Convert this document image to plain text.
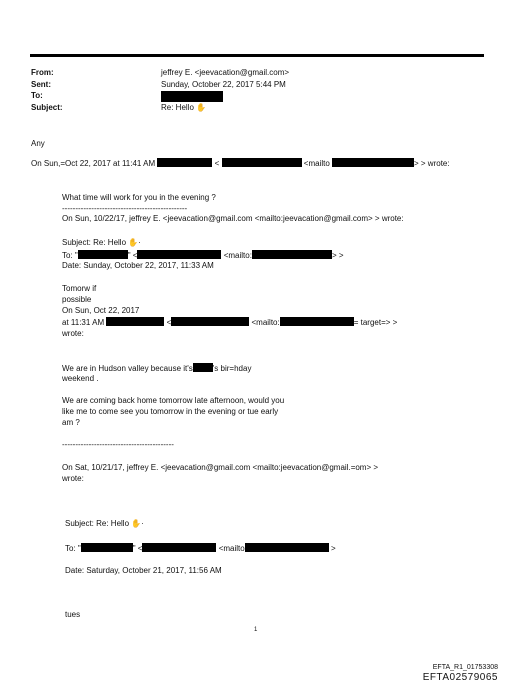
From:	jeffrey E. <jeevacation@gmail.com>
Sent:	Sunday, October 22, 2017 5:44 PM
To:
Subject:	Re: Hello ✋
Any
On Sun,=Oct 22, 2017 at 11:41 AM	<	<mailto	> > wrote:
What time will work for you in the evening ?
-----------------------------------------------
On Sun, 10/22/17, jeffrey E. <jeevacation@gmail.com <mailto:jeevacation@gmail.com> > wrote:
Subject: Re: Hello ✋·
To: "	" <	<mailto:	> >
Date: Sunday, October 22, 2017, 11:33 AM
Tomorw if
possible
On Sun, Oct 22, 2017
at 11:31 AM	<	<mailto:	= target=> >
wrote:
We are in Hudson valley because it's	's bir=hday
weekend .
We are coming back home tomorrow late afternoon, would you
like me to come see you tomorrow in the evening or tue early
am ?
------------------------------------------
On Sat, 10/21/17, jeffrey E. <jeevacation@gmail.com <mailto:jeevacation@gmail.=om> >
wrote:
Subject: Re: Hello ✋·
To: "	" <	<mailto	>
Date: Saturday, October 21, 2017, 11:56 AM
tues
1
EFTA_R1_01753308
EFTA02579065
